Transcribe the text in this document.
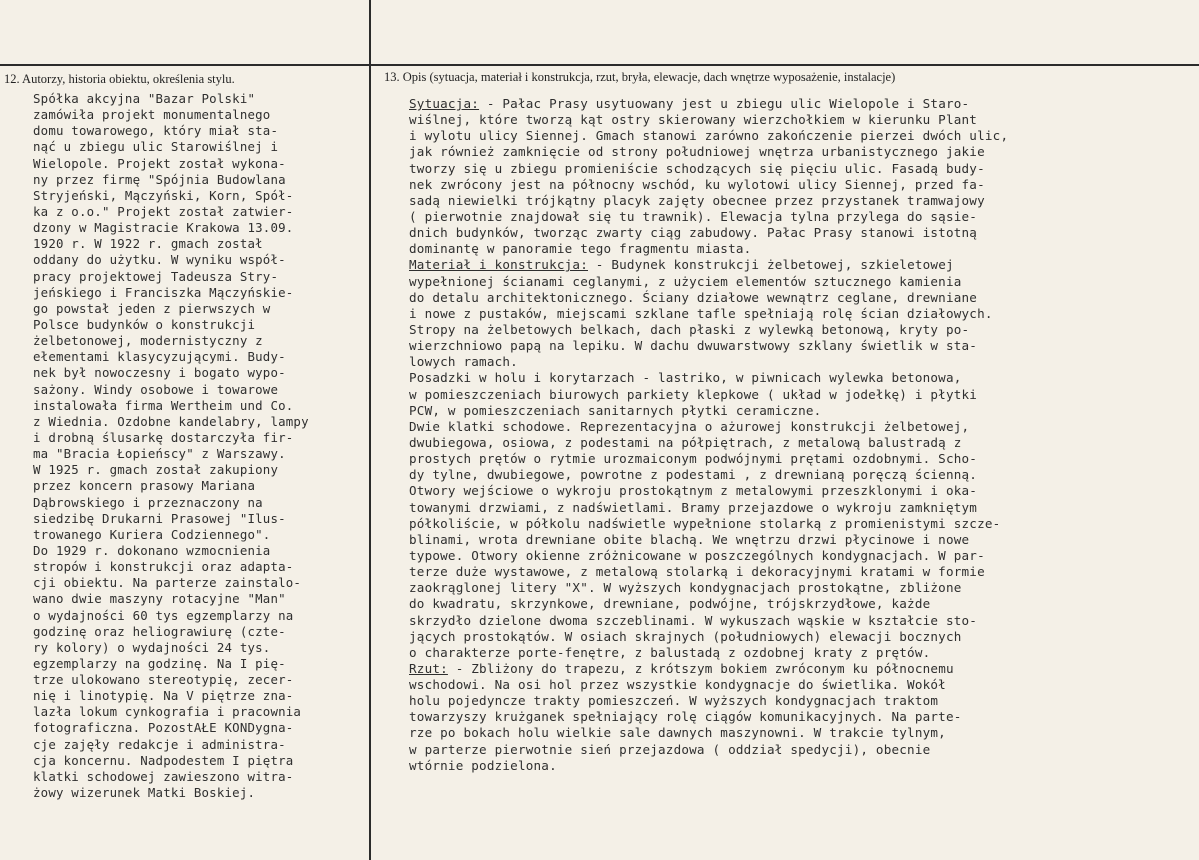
12. Autorzy, historia obiektu, określenia stylu.	13. Opis (sytuacja, materiał i konstrukcja, rzut, bryła, elewacje, dach wnętrze wyposażenie, instalacje)
Spółka akcyjna "Bazar Polski"
zamówiła projekt monumentalnego
domu towarowego, który miał sta-
nąć u zbiegu ulic Starowiślnej i
Wielopole. Projekt został wykona-
ny przez firmę "Spójnia Budowlana
Stryjeński, Mączyński, Korn, Spół-
ka z o.o." Projekt został zatwier-
dzony w Magistracie Krakowa 13.09.
1920 r. W 1922 r. gmach został
oddany do użytku. W wyniku współ-
pracy projektowej Tadeusza Stry-
jeńskiego i Franciszka Mączyńskie-
go powstał jeden z pierwszych w
Polsce budynków o konstrukcji
żelbetonowej, modernistyczny z
ełementami klasycyzującymi. Budy-
nek był nowoczesny i bogato wypo-
sażony. Windy osobowe i towarowe
instalowała firma Wertheim und Co.
z Wiednia. Ozdobne kandelabry, lampy
i drobną ślusarkę dostarczyła fir-
ma "Bracia Łopieńscy" z Warszawy.
W 1925 r. gmach został zakupiony
przez koncern prasowy Mariana
Dąbrowskiego i przeznaczony na
siedzibę Drukarni Prasowej "Ilus-
trowanego Kuriera Codziennego".
Do 1929 r. dokonano wzmocnienia
stropów i konstrukcji oraz adapta-
cji obiektu. Na parterze zainstalo-
wano dwie maszyny rotacyjne "Man"
o wydajności 60 tys egzemplarzy na
godzinę oraz heliograwiurę (czte-
ry kolory) o wydajności 24 tys.
egzemplarzy na godzinę. Na I pię-
trze ulokowano stereotypię, zecer-
nię i linotypię. Na V piętrze zna-
lazła lokum cynkografia i pracownia
fotograficzna. PozostAŁE KONDygna-
cje zajęły redakcje i administra-
cja koncernu. Nadpodestem I piętra
klatki schodowej zawieszono witra-
żowy wizerunek Matki Boskiej.
Sytuacja: - Pałac Prasy usytuowany jest u zbiegu ulic Wielopole i Staro-
wiślnej, które tworzą kąt ostry skierowany wierzchołkiem w kierunku Plant
i wylotu ulicy Siennej. Gmach stanowi zarówno zakończenie pierzei dwóch ulic,
jak również zamknięcie od strony południowej wnętrza urbanistycznego jakie
tworzy się u zbiegu promieniście schodzących się pięciu ulic. Fasadą budy-
nek zwrócony jest na północny wschód, ku wylotowi ulicy Siennej, przed fa-
sadą niewielki trójkątny placyk zajęty obecnee przez przystanek tramwajowy
( pierwotnie znajdował się tu trawnik). Elewacja tylna przylega do sąsie-
dnich budynków, tworząc zwarty ciąg zabudowy. Pałac Prasy stanowi istotną
dominantę w panoramie tego fragmentu miasta.
Materiał i konstrukcja: - Budynek konstrukcji żelbetowej, szkieletowej
wypełnionej ścianami ceglanymi, z użyciem elementów sztucznego kamienia
do detalu architektonicznego. Ściany działowe wewnątrz ceglane, drewniane
i nowe z pustaków, miejscami szklane tafle spełniają rolę ścian działowych.
Stropy na żelbetowych belkach, dach płaski z wylewką betonową, kryty po-
wierzchniowo papą na lepiku. W dachu dwuwarstwowy szklany świetlik w sta-
lowych ramach.
Posadzki w holu i korytarzach - lastriko, w piwnicach wylewka betonowa,
w pomieszczeniach biurowych parkiety klepkowe ( układ w jodełkę) i płytki
PCW, w pomieszczeniach sanitarnych płytki ceramiczne.
Dwie klatki schodowe. Reprezentacyjna o ażurowej konstrukcji żelbetowej,
dwubiegowa, osiowa, z podestami na półpiętrach, z metalową balustradą z
prostych prętów o rytmie urozmaiconym podwójnymi prętami ozdobnymi. Scho-
dy tylne, dwubiegowe, powrotne z podestami , z drewnianą poręczą ścienną.
Otwory wejściowe o wykroju prostokątnym z metalowymi przeszklonymi i oka-
towanymi drzwiami, z nadświetlami. Bramy przejazdowe o wykroju zamkniętym
półkoliście, w półkolu nadświetle wypełnione stolarką z promienistymi szcze-
blinami, wrota drewniane obite blachą. We wnętrzu drzwi płycinowe i nowe
typowe. Otwory okienne zróżnicowane w poszczególnych kondygnacjach. W par-
terze duże wystawowe, z metalową stolarką i dekoracyjnymi kratami w formie
zaokrąglonej litery "X". W wyższych kondygnacjach prostokątne, zbliżone
do kwadratu, skrzynkowe, drewniane, podwójne, trójskrzydłowe, każde
skrzydło dzielone dwoma szczeblinami. W wykuszach wąskie w kształcie sto-
jących prostokątów. W osiach skrajnych (południowych) elewacji bocznych
o charakterze porte-fenętre, z balustadą z ozdobnej kraty z prętów.
Rzut: - Zbliżony do trapezu, z krótszym bokiem zwróconym ku północnemu
wschodowi. Na osi hol przez wszystkie kondygnacje do świetlika. Wokół
holu pojedyncze trakty pomieszczeń. W wyższych kondygnacjach traktom
towarzyszy krużganek spełniający rolę ciągów komunikacyjnych. Na parte-
rze po bokach holu wielkie sale dawnych maszynowni. W trakcie tylnym,
w parterze pierwotnie sień przejazdowa ( oddział spedycji), obecnie
wtórnie podzielona.
